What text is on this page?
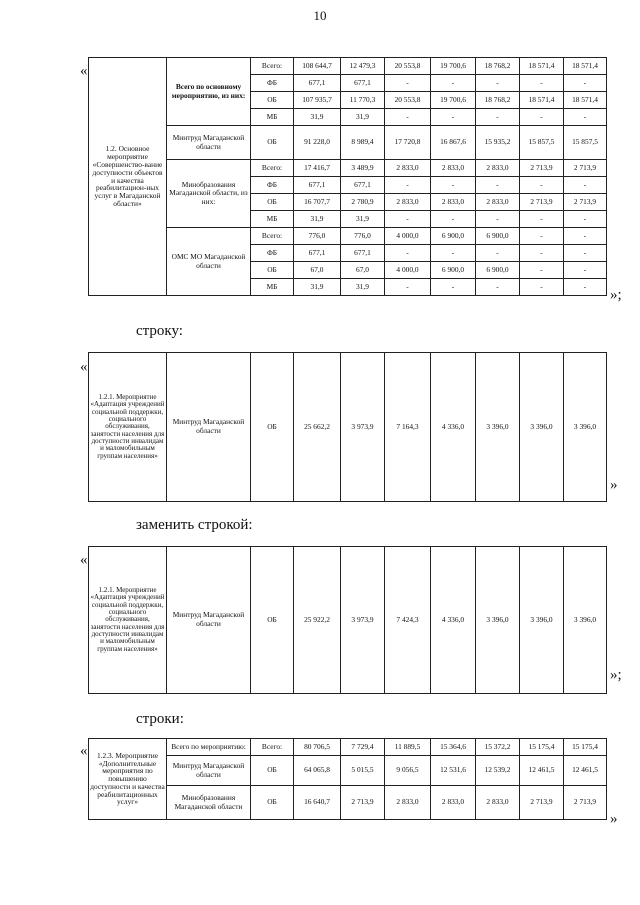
10
«
1.2. Основное мероприятие «Совершенство-вание доступности объектов и качества реабилитацион-ных услуг в Магаданской области»	Всего по основному мероприятию, из них:	Всего:	108 644,7	12 479,3	20 553,8	19 700,6	18 768,2	18 571,4	18 571,4
		ФБ	677,1	677,1	-	-	-	-	-
		ОБ	107 935,7	11 770,3	20 553,8	19 700,6	18 768,2	18 571,4	18 571,4
		МБ	31,9	31,9	-	-	-	-	-
	Минтруд Магаданской области	ОБ	91 228,0	8 989,4	17 720,8	16 867,6	15 935,2	15 857,5	15 857,5
	Минобразования Магаданской области, из них:	Всего:	17 416,7	3 489,9	2 833,0	2 833,0	2 833,0	2 713,9	2 713,9
		ФБ	677,1	677,1	-	-	-	-	-
		ОБ	16 707,7	2 780,9	2 833,0	2 833,0	2 833,0	2 713,9	2 713,9
		МБ	31,9	31,9	-	-	-	-	-
	ОМС МО Магаданской области	Всего:	776,0	776,0	4 000,0	6 900,0	6 900,0	-	-
		ФБ	677,1	677,1	-	-	-	-	-
		ОБ	67,0	67,0	4 000,0	6 900,0	6 900,0	-	-
		МБ	31,9	31,9	-	-	-	-	-
»;
строку:
«
1.2.1. Мероприятие «Адаптация учреждений социальной поддержки, социального обслуживания, занятости населения для доступности инвалидам и маломобильным группам населения»	Минтруд Магаданской области	ОБ	25 662,2	3 973,9	7 164,3	4 336,0	3 396,0	3 396,0	3 396,0
»
заменить строкой:
«
1.2.1. Мероприятие «Адаптация учреждений социальной поддержки, социального обслуживания, занятости населения для доступности инвалидам и маломобильным группам населения»	Минтруд Магаданской области	ОБ	25 922,2	3 973,9	7 424,3	4 336,0	3 396,0	3 396,0	3 396,0
»;
строки:
« 1.2.3. Мероприятие «Дополнительные мероприятия по повышению доступности и качества реабилитационных услуг»	Всего по мероприятию:	Всего:	80 706,5	7 729,4	11 889,5	15 364,6	15 372,2	15 175,4	15 175,4
	Минтруд Магаданской области	ОБ	64 065,8	5 015,5	9 056,5	12 531,6	12 539,2	12 461,5	12 461,5
	Минобразования Магаданской области	ОБ	16 640,7	2 713,9	2 833,0	2 833,0	2 833,0	2 713,9	2 713,9
»
